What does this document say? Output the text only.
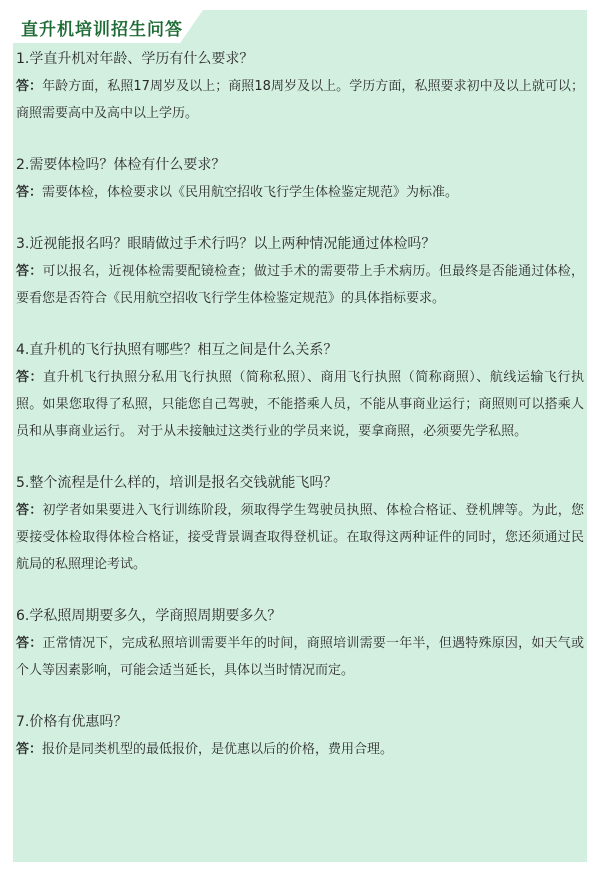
直升机培训招生问答
1.学直升机对年龄、学历有什么要求？
答：年龄方面，私照17周岁及以上；商照18周岁及以上。学历方面，私照要求初中及以上就可以；商照需要高中及高中以上学历。
2.需要体检吗？体检有什么要求？
答：需要体检，体检要求以《民用航空招收飞行学生体检鉴定规范》为标准。
3.近视能报名吗？眼睛做过手术行吗？以上两种情况能通过体检吗？
答：可以报名，近视体检需要配镜检查；做过手术的需要带上手术病历。但最终是否能通过体检，要看您是否符合《民用航空招收飞行学生体检鉴定规范》的具体指标要求。
4.直升机的飞行执照有哪些？相互之间是什么关系？
答：直升机飞行执照分私用飞行执照（简称私照）、商用飞行执照（简称商照）、航线运输飞行执照。如果您取得了私照，只能您自己驾驶，不能搭乘人员，不能从事商业运行；商照则可以搭乘人员和从事商业运行。 对于从未接触过这类行业的学员来说，要拿商照，必须要先学私照。
5.整个流程是什么样的，培训是报名交钱就能飞吗？
答：初学者如果要进入飞行训练阶段，须取得学生驾驶员执照、体检合格证、登机牌等。为此，您要接受体检取得体检合格证，接受背景调查取得登机证。在取得这两种证件的同时，您还须通过民航局的私照理论考试。
6.学私照周期要多久，学商照周期要多久？
答：正常情况下，完成私照培训需要半年的时间，商照培训需要一年半，但遇特殊原因，如天气或个人等因素影响，可能会适当延长，具体以当时情况而定。
7.价格有优惠吗？
答：报价是同类机型的最低报价，是优惠以后的价格，费用合理。
